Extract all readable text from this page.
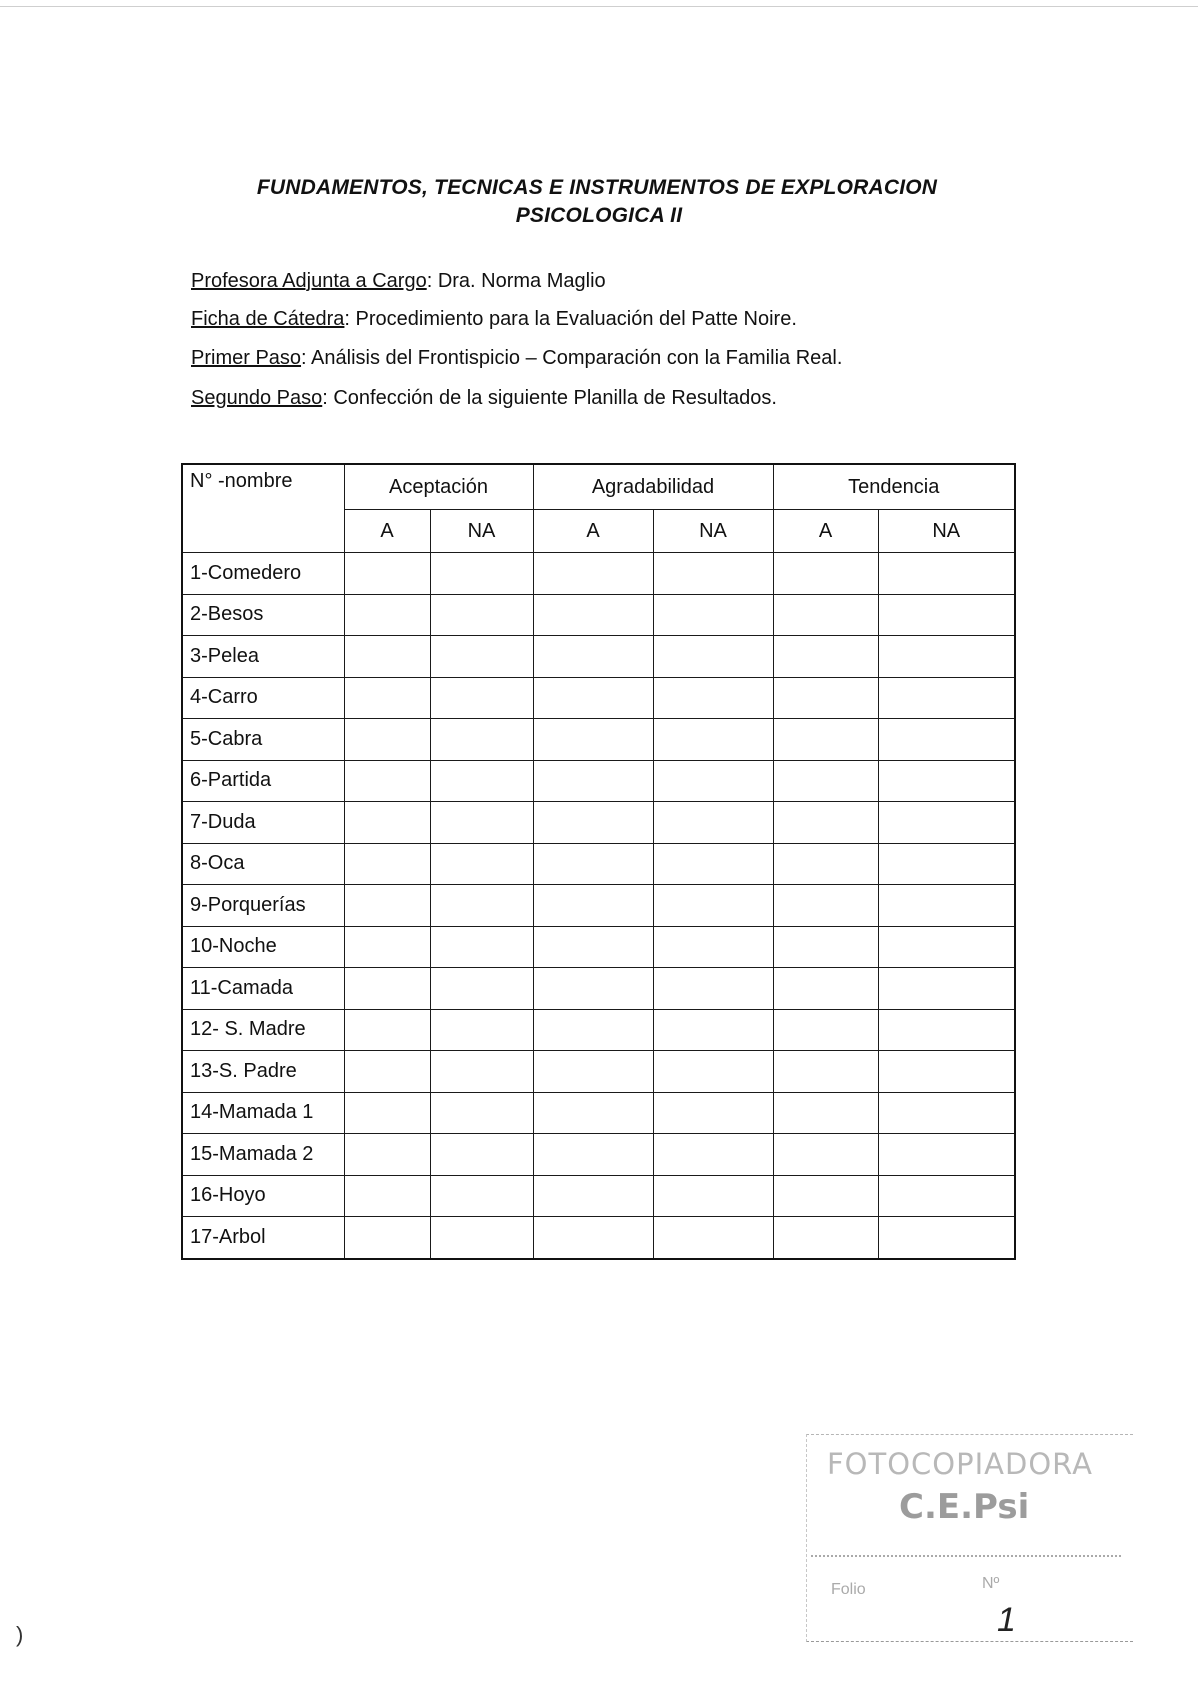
FUNDAMENTOS, TECNICAS E INSTRUMENTOS DE EXPLORACION
PSICOLOGICA II
Profesora Adjunta a Cargo: Dra. Norma Maglio
Ficha de Cátedra: Procedimiento para la Evaluación del Patte Noire.
Primer Paso: Análisis del Frontispicio – Comparación con la Familia Real.
Segundo Paso: Confección de la siguiente Planilla de Resultados.
N° -nombre	Aceptación		Agradabilidad		Tendencia	
	A	NA	A	NA	A	NA
1-Comedero						
2-Besos						
3-Pelea						
4-Carro						
5-Cabra						
6-Partida						
7-Duda						
8-Oca						
9-Porquerías						
10-Noche						
11-Camada						
12- S. Madre						
13-S. Padre						
14-Mamada 1						
15-Mamada 2						
16-Hoyo						
17-Arbol						
FOTOCOPIADORA
C.E.Psi
Folio	Nº
1
)
